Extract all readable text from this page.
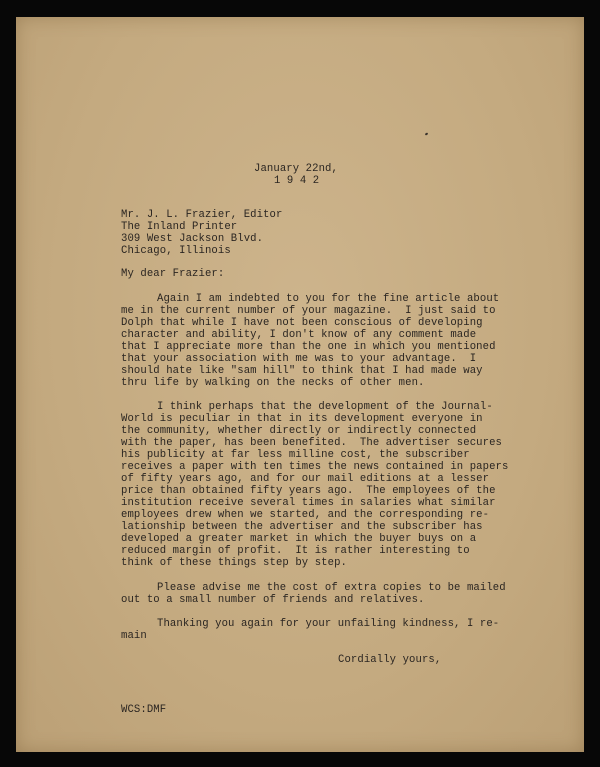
January 22nd,
1 9 4 2
Mr. J. L. Frazier, Editor
The Inland Printer
309 West Jackson Blvd.
Chicago, Illinois
My dear Frazier:
Again I am indebted to you for the fine article about
me in the current number of your magazine.  I just said to
Dolph that while I have not been conscious of developing
character and ability, I don't know of any comment made
that I appreciate more than the one in which you mentioned
that your association with me was to your advantage.  I
should hate like "sam hill" to think that I had made way
thru life by walking on the necks of other men.
I think perhaps that the development of the Journal-
World is peculiar in that in its development everyone in
the community, whether directly or indirectly connected
with the paper, has been benefited.  The advertiser secures
his publicity at far less milline cost, the subscriber
receives a paper with ten times the news contained in papers
of fifty years ago, and for our mail editions at a lesser
price than obtained fifty years ago.  The employees of the
institution receive several times in salaries what similar
employees drew when we started, and the corresponding re-
lationship between the advertiser and the subscriber has
developed a greater market in which the buyer buys on a
reduced margin of profit.  It is rather interesting to
think of these things step by step.
Please advise me the cost of extra copies to be mailed
out to a small number of friends and relatives.
Thanking you again for your unfailing kindness, I re-
main
Cordially yours,
WCS:DMF
